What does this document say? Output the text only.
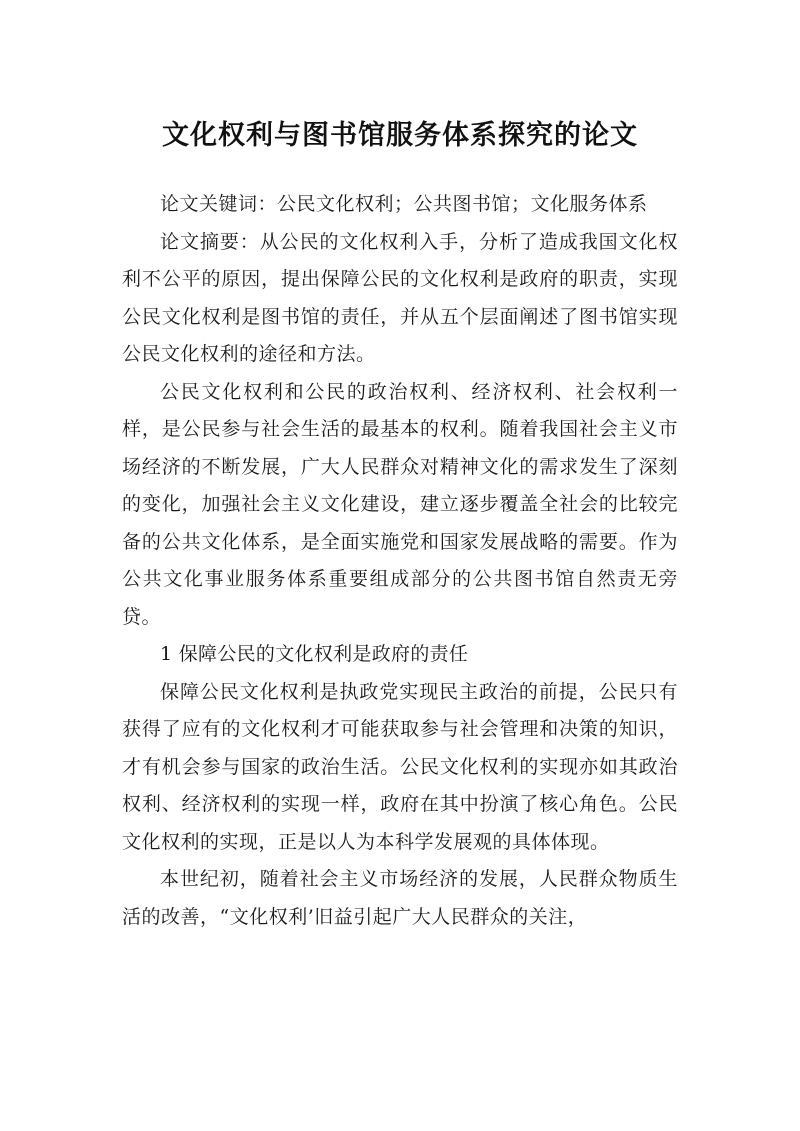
文化权利与图书馆服务体系探究的论文

论文关键词：公民文化权利；公共图书馆；文化服务体系

论文摘要：从公民的文化权利入手，分析了造成我国文化权利不公平的原因，提出保障公民的文化权利是政府的职责，实现公民文化权利是图书馆的责任，并从五个层面阐述了图书馆实现公民文化权利的途径和方法。

公民文化权利和公民的政治权利、经济权利、社会权利一样，是公民参与社会生活的最基本的权利。随着我国社会主义市场经济的不断发展，广大人民群众对精神文化的需求发生了深刻的变化，加强社会主义文化建设，建立逐步覆盖全社会的比较完备的公共文化体系，是全面实施党和国家发展战略的需要。作为公共文化事业服务体系重要组成部分的公共图书馆自然责无旁贷。

1 保障公民的文化权利是政府的责任

保障公民文化权利是执政党实现民主政治的前提，公民只有获得了应有的文化权利才可能获取参与社会管理和决策的知识，才有机会参与国家的政治生活。公民文化权利的实现亦如其政治权利、经济权利的实现一样，政府在其中扮演了核心角色。公民文化权利的实现，正是以人为本科学发展观的具体体现。

本世纪初，随着社会主义市场经济的发展，人民群众物质生活的改善，“文化权利’旧益引起广大人民群众的关注，
